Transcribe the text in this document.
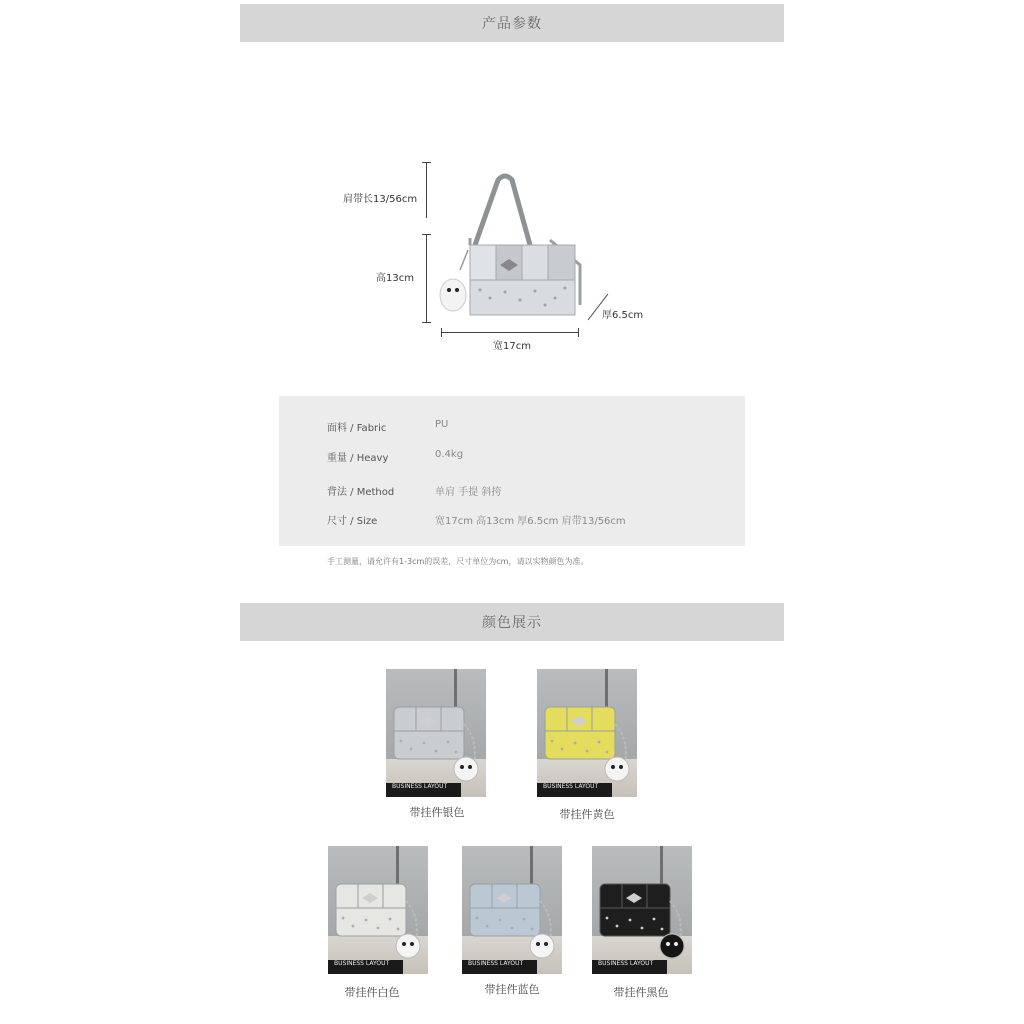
产品参数
肩带长13/56cm
高13cm
宽17cm
厚6.5cm
面料 / Fabric	PU
重量 / Heavy	0.4kg
背法 / Method	单肩 手提 斜挎
尺寸 / Size	宽17cm 高13cm 厚6.5cm 肩带13/56cm
手工测量，请允许有1-3cm的误差，尺寸单位为cm，请以实物颜色为准。
颜色展示
BUSINESS LAYOUT
带挂件银色
BUSINESS LAYOUT
带挂件黄色
BUSINESS LAYOUT
带挂件白色
BUSINESS LAYOUT
带挂件蓝色
BUSINESS LAYOUT
带挂件黑色
